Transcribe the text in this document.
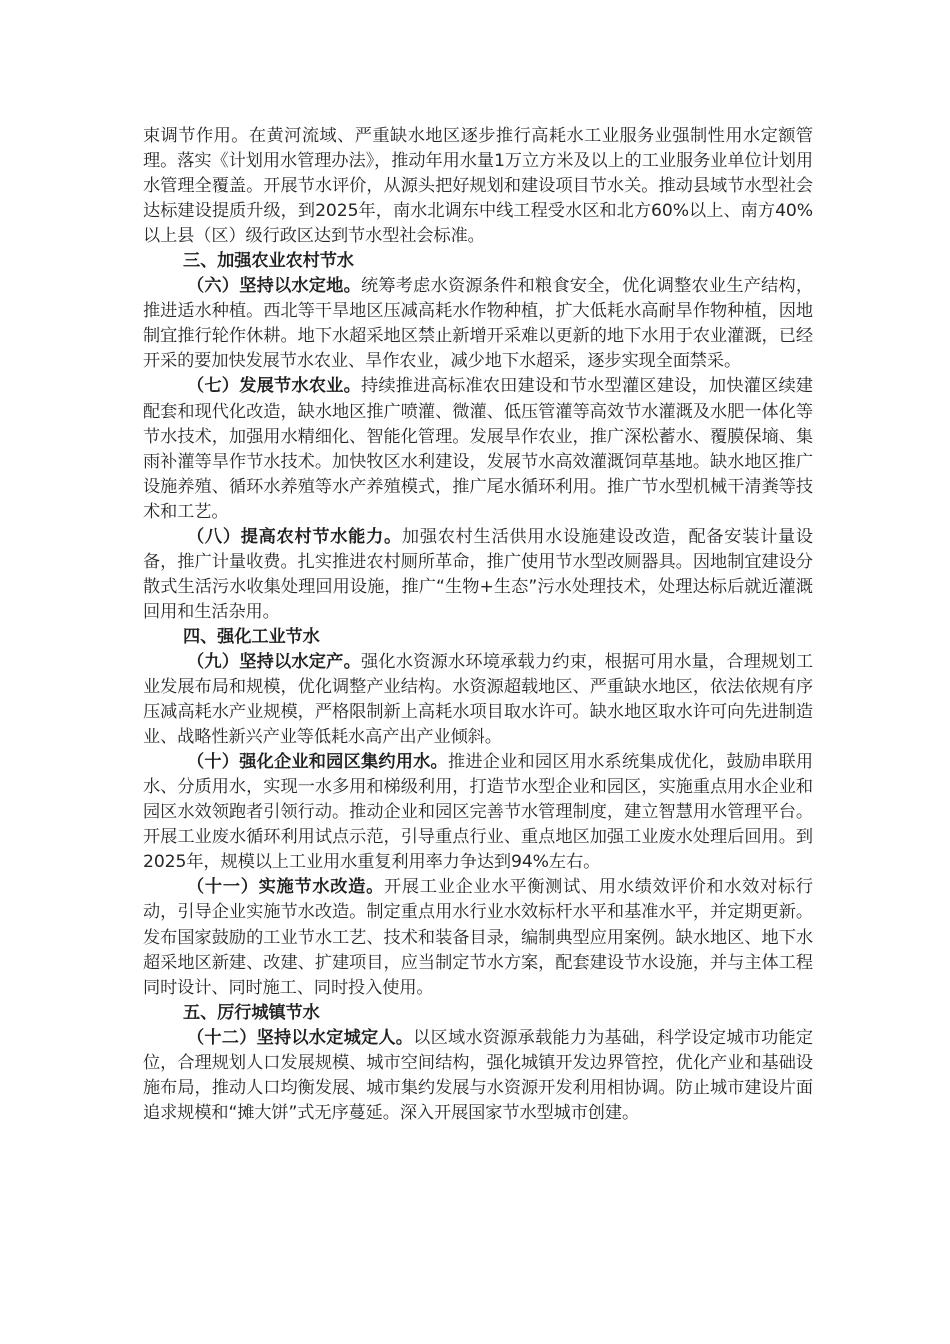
束调节作用。在黄河流域、严重缺水地区逐步推行高耗水工业服务业强制性用水定额管理。落实《计划用水管理办法》，推动年用水量1万立方米及以上的工业服务业单位计划用水管理全覆盖。开展节水评价，从源头把好规划和建设项目节水关。推动县域节水型社会达标建设提质升级，到2025年，南水北调东中线工程受水区和北方60%以上、南方40%以上县（区）级行政区达到节水型社会标准。

三、加强农业农村节水

（六）坚持以水定地。统筹考虑水资源条件和粮食安全，优化调整农业生产结构，推进适水种植。西北等干旱地区压减高耗水作物种植，扩大低耗水高耐旱作物种植，因地制宜推行轮作休耕。地下水超采地区禁止新增开采难以更新的地下水用于农业灌溉，已经开采的要加快发展节水农业、旱作农业，减少地下水超采，逐步实现全面禁采。

（七）发展节水农业。持续推进高标准农田建设和节水型灌区建设，加快灌区续建配套和现代化改造，缺水地区推广喷灌、微灌、低压管灌等高效节水灌溉及水肥一体化等节水技术，加强用水精细化、智能化管理。发展旱作农业，推广深松蓄水、覆膜保墒、集雨补灌等旱作节水技术。加快牧区水利建设，发展节水高效灌溉饲草基地。缺水地区推广设施养殖、循环水养殖等水产养殖模式，推广尾水循环利用。推广节水型机械干清粪等技术和工艺。

（八）提高农村节水能力。加强农村生活供用水设施建设改造，配备安装计量设备，推广计量收费。扎实推进农村厕所革命，推广使用节水型改厕器具。因地制宜建设分散式生活污水收集处理回用设施，推广“生物+生态”污水处理技术，处理达标后就近灌溉回用和生活杂用。

四、强化工业节水

（九）坚持以水定产。强化水资源水环境承载力约束，根据可用水量，合理规划工业发展布局和规模，优化调整产业结构。水资源超载地区、严重缺水地区，依法依规有序压减高耗水产业规模，严格限制新上高耗水项目取水许可。缺水地区取水许可向先进制造业、战略性新兴产业等低耗水高产出产业倾斜。

（十）强化企业和园区集约用水。推进企业和园区用水系统集成优化，鼓励串联用水、分质用水，实现一水多用和梯级利用，打造节水型企业和园区，实施重点用水企业和园区水效领跑者引领行动。推动企业和园区完善节水管理制度，建立智慧用水管理平台。开展工业废水循环利用试点示范，引导重点行业、重点地区加强工业废水处理后回用。到2025年，规模以上工业用水重复利用率力争达到94%左右。

（十一）实施节水改造。开展工业企业水平衡测试、用水绩效评价和水效对标行动，引导企业实施节水改造。制定重点用水行业水效标杆水平和基准水平，并定期更新。发布国家鼓励的工业节水工艺、技术和装备目录，编制典型应用案例。缺水地区、地下水超采地区新建、改建、扩建项目，应当制定节水方案，配套建设节水设施，并与主体工程同时设计、同时施工、同时投入使用。

五、厉行城镇节水

（十二）坚持以水定城定人。以区域水资源承载能力为基础，科学设定城市功能定位，合理规划人口发展规模、城市空间结构，强化城镇开发边界管控，优化产业和基础设施布局，推动人口均衡发展、城市集约发展与水资源开发利用相协调。防止城市建设片面追求规模和“摊大饼”式无序蔓延。深入开展国家节水型城市创建。
